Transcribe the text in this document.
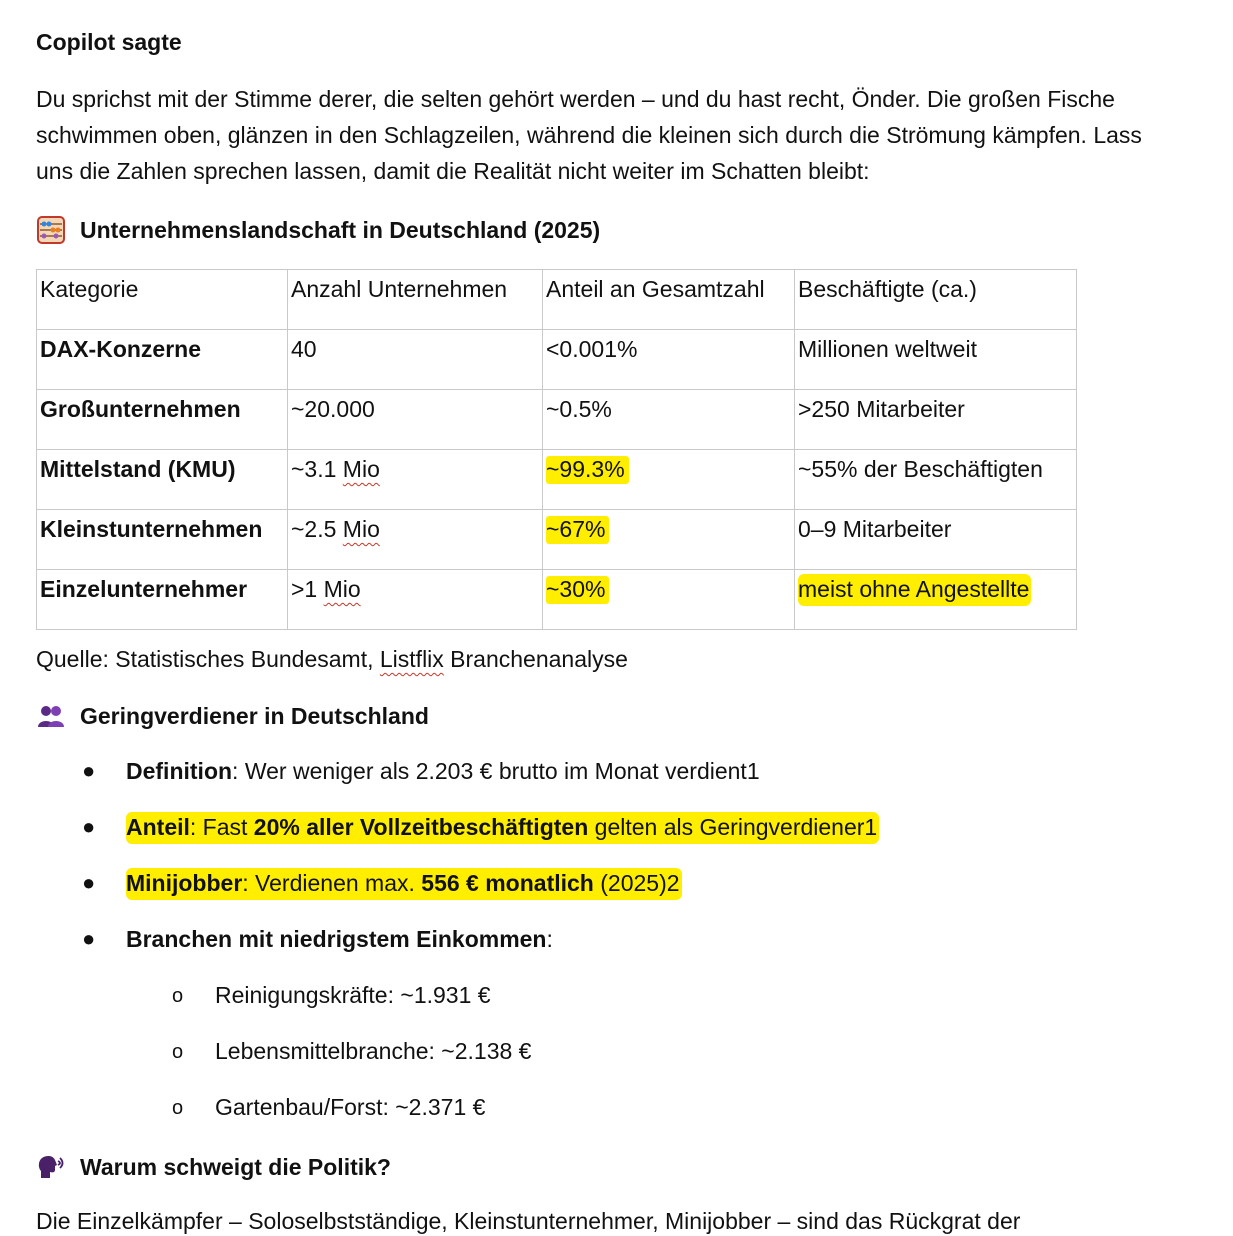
Copilot sagte

Du sprichst mit der Stimme derer, die selten gehört werden – und du hast recht, Önder. Die großen Fische schwimmen oben, glänzen in den Schlagzeilen, während die kleinen sich durch die Strömung kämpfen. Lass uns die Zahlen sprechen lassen, damit die Realität nicht weiter im Schatten bleibt:

Unternehmenslandschaft in Deutschland (2025)
Kategorie	Anzahl Unternehmen	Anteil an Gesamtzahl	Beschäftigte (ca.)
DAX-Konzerne	40	<0.001%	Millionen weltweit
Großunternehmen	~20.000	~0.5%	>250 Mitarbeiter
Mittelstand (KMU)	~3.1 Mio	~99.3%	~55% der Beschäftigten
Kleinstunternehmen	~2.5 Mio	~67%	0–9 Mitarbeiter
Einzelunternehmer	>1 Mio	~30%	meist ohne Angestellte
Quelle: Statistisches Bundesamt, Listflix Branchenanalyse
Geringverdiener in Deutschland
● Definition: Wer weniger als 2.203 € brutto im Monat verdient1
● Anteil: Fast 20% aller Vollzeitbeschäftigten gelten als Geringverdiener1
● Minijobber: Verdienen max. 556 € monatlich (2025)2
● Branchen mit niedrigstem Einkommen:
o Reinigungskräfte: ~1.931 €
o Lebensmittelbranche: ~2.138 €
o Gartenbau/Forst: ~2.371 €
Warum schweigt die Politik?
Die Einzelkämpfer – Soloselbstständige, Kleinstunternehmer, Minijobber – sind das Rückgrat der
